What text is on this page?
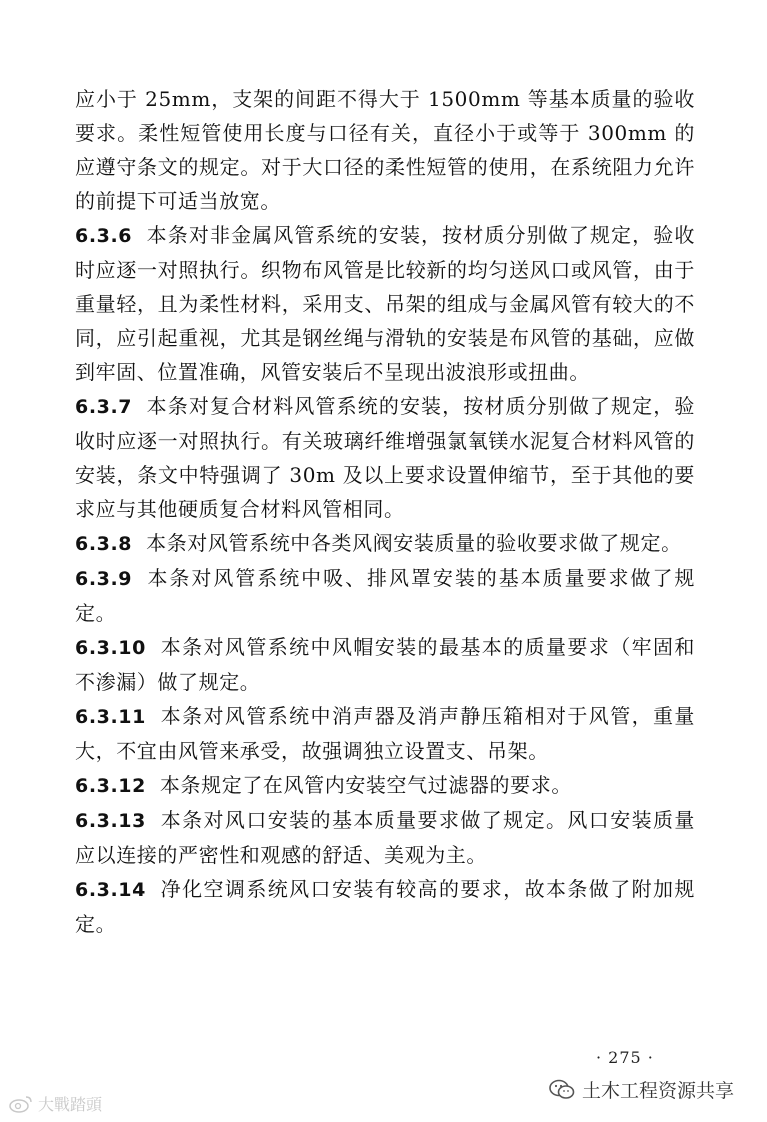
应小于 25mm，支架的间距不得大于 1500mm 等基本质量的验收要求。柔性短管使用长度与口径有关，直径小于或等于 300mm 的应遵守条文的规定。对于大口径的柔性短管的使用，在系统阻力允许的前提下可适当放宽。

6.3.6 本条对非金属风管系统的安装，按材质分别做了规定，验收时应逐一对照执行。织物布风管是比较新的均匀送风口或风管，由于重量轻，且为柔性材料，采用支、吊架的组成与金属风管有较大的不同，应引起重视，尤其是钢丝绳与滑轨的安装是布风管的基础，应做到牢固、位置准确，风管安装后不呈现出波浪形或扭曲。

6.3.7 本条对复合材料风管系统的安装，按材质分别做了规定，验收时应逐一对照执行。有关玻璃纤维增强氯氧镁水泥复合材料风管的安装，条文中特强调了 30m 及以上要求设置伸缩节，至于其他的要求应与其他硬质复合材料风管相同。

6.3.8 本条对风管系统中各类风阀安装质量的验收要求做了规定。

6.3.9 本条对风管系统中吸、排风罩安装的基本质量要求做了规定。

6.3.10 本条对风管系统中风帽安装的最基本的质量要求（牢固和不渗漏）做了规定。

6.3.11 本条对风管系统中消声器及消声静压箱相对于风管，重量大，不宜由风管来承受，故强调独立设置支、吊架。

6.3.12 本条规定了在风管内安装空气过滤器的要求。

6.3.13 本条对风口安装的基本质量要求做了规定。风口安装质量应以连接的严密性和观感的舒适、美观为主。

6.3.14 净化空调系统风口安装有较高的要求，故本条做了附加规定。

· 275 ·
土木工程资源共享
大戰踏頭
